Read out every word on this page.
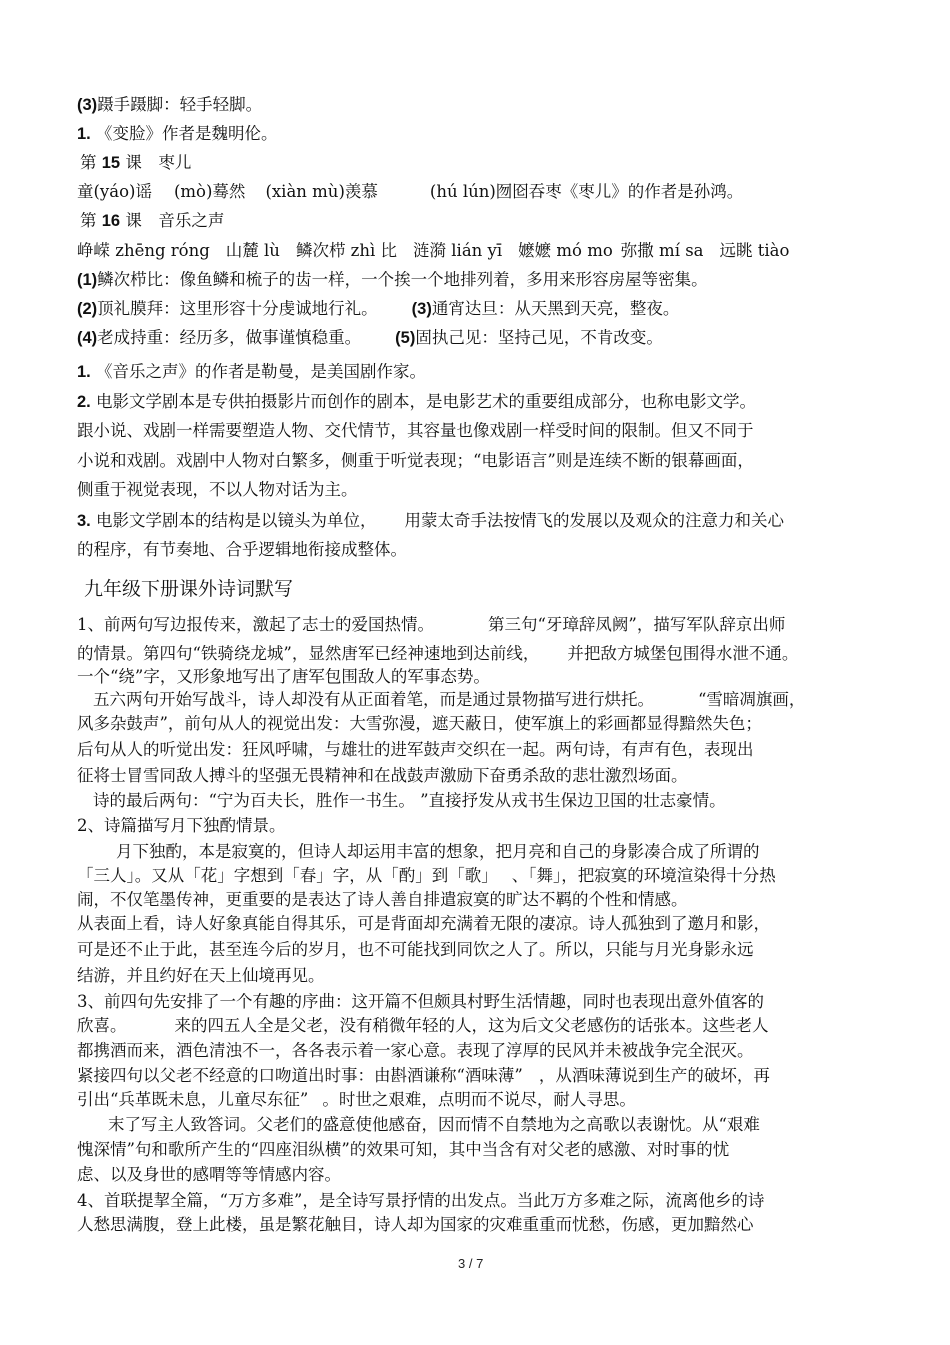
(3)蹑手蹑脚：轻手轻脚。
1. 《变脸》作者是魏明伦。
第 15 课　枣儿
童(yáo)谣 (mò)蓦然 (xiàn mù)羡慕	(hú lún)囫囵吞枣《枣儿》的作者是孙鸿。
第 16 课　音乐之声
峥嵘 zhēng róng 山麓 lù 鳞次栉 zhì 比 涟漪 lián yī 嬷嬷 mó mo 弥撒 mí sa 远眺 tiào
(1)鳞次栉比：像鱼鳞和梳子的齿一样，一个挨一个地排列着，多用来形容房屋等密集。
(2)顶礼膜拜：这里形容十分虔诚地行礼。 (3)通宵达旦：从天黑到天亮，整夜。
(4)老成持重：经历多，做事谨慎稳重。 (5)固执己见：坚持己见，不肯改变。
1. 《音乐之声》的作者是勒曼，是美国剧作家。
2. 电影文学剧本是专供拍摄影片而创作的剧本，是电影艺术的重要组成部分，也称电影文学。
跟小说、戏剧一样需要塑造人物、交代情节，其容量也像戏剧一样受时间的限制。但又不同于
小说和戏剧。戏剧中人物对白繁多，侧重于听觉表现；“电影语言”则是连续不断的银幕画面，
侧重于视觉表现，不以人物对话为主。
3. 电影文学剧本的结构是以镜头为单位， 用蒙太奇手法按情飞的发展以及观众的注意力和关心
的程序，有节奏地、合乎逻辑地衔接成整体。
九年级下册课外诗词默写
1、前两句写边报传来，激起了志士的爱国热情。	第三句“牙璋辞凤阙”，描写军队辞京出师
的情景。第四句“铁骑绕龙城”，显然唐军已经神速地到达前线， 并把敌方城堡包围得水泄不通。
一个“绕”字，又形象地写出了唐军包围敌人的军事态势。
五六两句开始写战斗，诗人却没有从正面着笔，而是通过景物描写进行烘托。	“雪暗凋旗画，
风多杂鼓声”，前句从人的视觉出发：大雪弥漫，遮天蔽日，使军旗上的彩画都显得黯然失色；
后句从人的听觉出发：狂风呼啸，与雄壮的进军鼓声交织在一起。两句诗，有声有色，表现出
征将士冒雪同敌人搏斗的坚强无畏精神和在战鼓声激励下奋勇杀敌的悲壮激烈场面。
诗的最后两句：“宁为百夫长，胜作一书生。 ”直接抒发从戎书生保边卫国的壮志豪情。
2、诗篇描写月下独酌情景。
月下独酌，本是寂寞的，但诗人却运用丰富的想象，把月亮和自己的身影凑合成了所谓的
「三人」。又从「花」字想到「春」字，从「酌」到「歌」 、「舞」，把寂寞的环境渲染得十分热
闹，不仅笔墨传神，更重要的是表达了诗人善自排遣寂寞的旷达不羁的个性和情感。
从表面上看，诗人好象真能自得其乐，可是背面却充满着无限的凄凉。诗人孤独到了邀月和影，
可是还不止于此，甚至连今后的岁月，也不可能找到同饮之人了。所以，只能与月光身影永远
结游，并且约好在天上仙境再见。
3、前四句先安排了一个有趣的序曲：这开篇不但颇具村野生活情趣，同时也表现出意外值客的
欣喜。	来的四五人全是父老，没有稍微年轻的人，这为后文父老感伤的话张本。这些老人
都携酒而来，酒色清浊不一，各各表示着一家心意。表现了淳厚的民风并未被战争完全泯灭。
紧接四句以父老不经意的口吻道出时事：由斟酒谦称“酒味薄” ，从酒味薄说到生产的破坏，再
引出“兵革既未息，儿童尽东征” 。时世之艰难，点明而不说尽，耐人寻思。
末了写主人致答词。父老们的盛意使他感奋，因而情不自禁地为之高歌以表谢忱。从“艰难
愧深情”句和歌所产生的“四座泪纵横”的效果可知，其中当含有对父老的感激、对时事的忧
虑、以及身世的感喟等等情感内容。
4、首联提挈全篇，“万方多难”，是全诗写景抒情的出发点。当此万方多难之际，流离他乡的诗
人愁思满腹，登上此楼，虽是繁花触目，诗人却为国家的灾难重重而忧愁，伤感，更加黯然心
3 / 7
